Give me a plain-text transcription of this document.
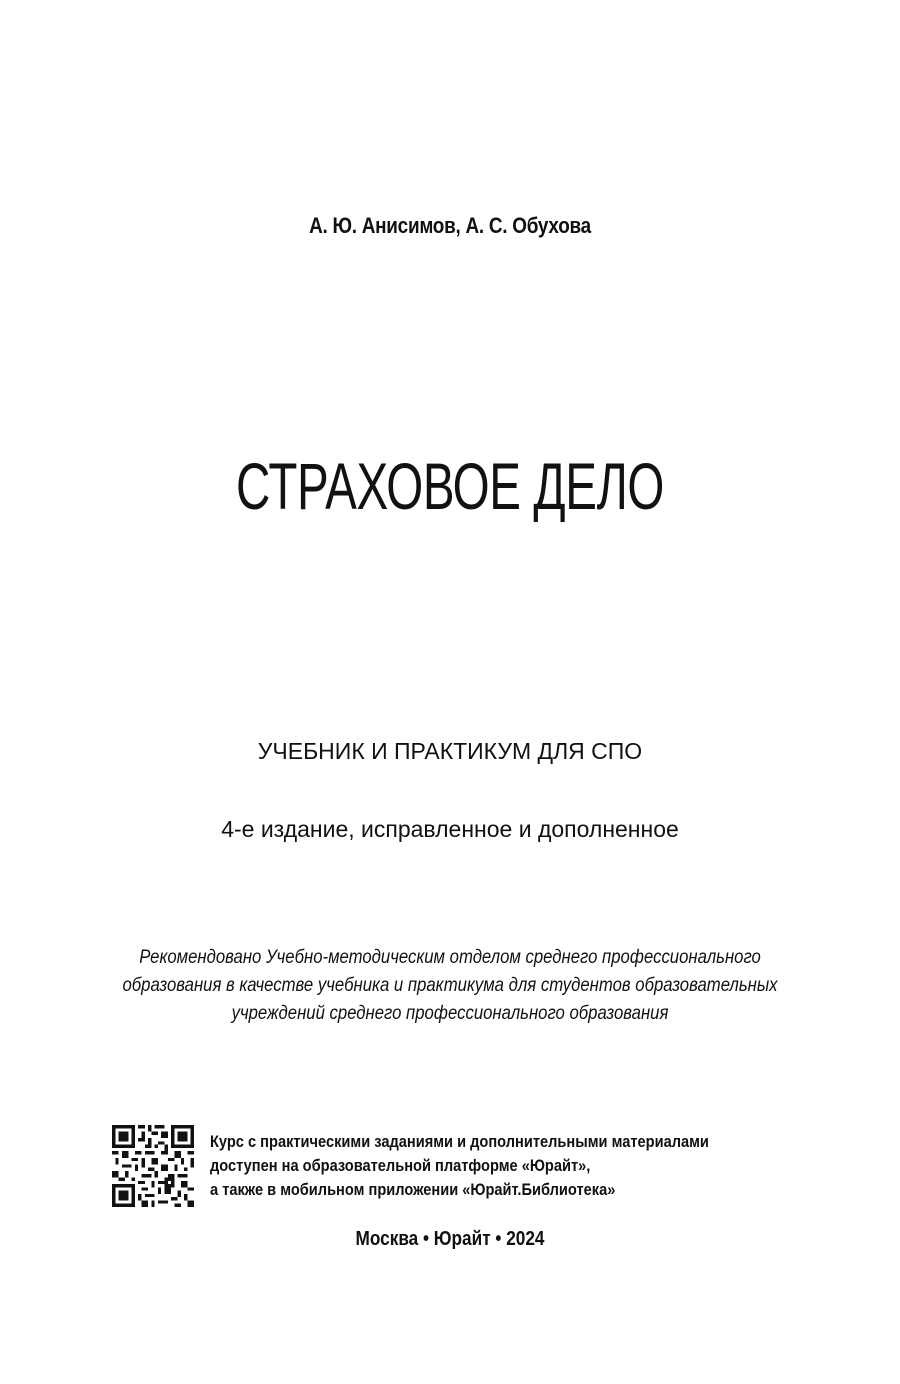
А. Ю. Анисимов, А. С. Обухова
СТРАХОВОЕ ДЕЛО
УЧЕБНИК И ПРАКТИКУМ ДЛЯ СПО
4-е издание, исправленное и дополненное
Рекомендовано Учебно-методическим отделом среднего профессионального
образования в качестве учебника и практикума для студентов образовательных
учреждений среднего профессионального образования
Курс с практическими заданиями и дополнительными материалами
доступен на образовательной платформе «Юрайт»,
а также в мобильном приложении «Юрайт.Библиотека»
Москва • Юрайт • 2024
